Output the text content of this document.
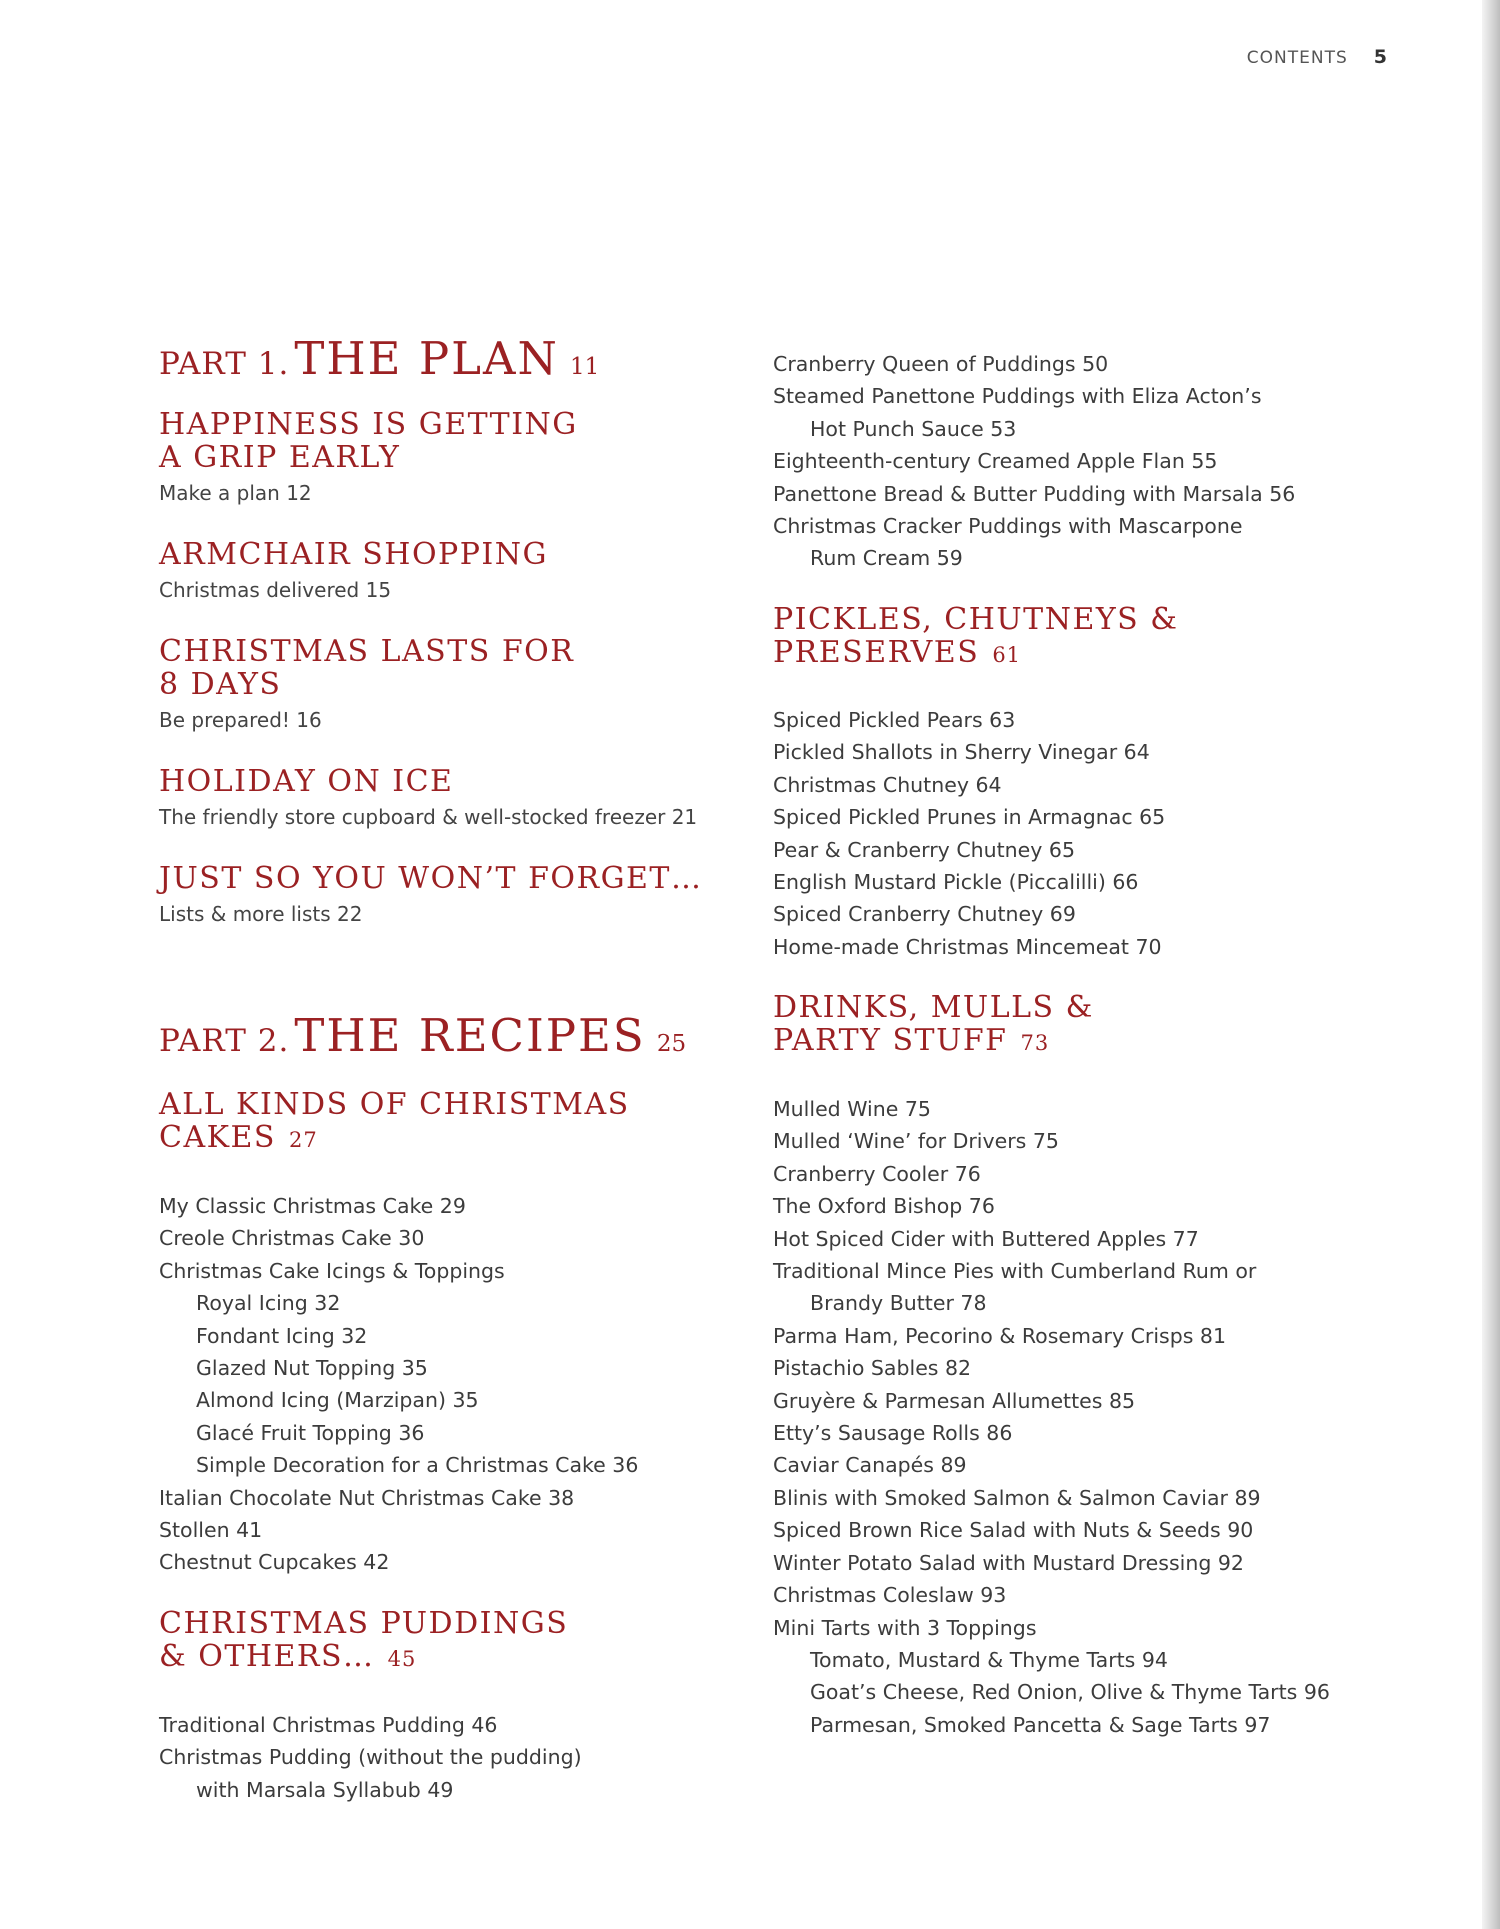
CONTENTS 5
PART 1. THE PLAN 11
HAPPINESS IS GETTING
A GRIP EARLY
Make a plan 12
ARMCHAIR SHOPPING
Christmas delivered 15
CHRISTMAS LASTS FOR
8 DAYS
Be prepared! 16
HOLIDAY ON ICE
The friendly store cupboard & well-stocked freezer 21
JUST SO YOU WON’T FORGET…
Lists & more lists 22
PART 2. THE RECIPES 25
ALL KINDS OF CHRISTMAS
CAKES 27
My Classic Christmas Cake 29
Creole Christmas Cake 30
Christmas Cake Icings & Toppings
Royal Icing 32
Fondant Icing 32
Glazed Nut Topping 35
Almond Icing (Marzipan) 35
Glacé Fruit Topping 36
Simple Decoration for a Christmas Cake 36
Italian Chocolate Nut Christmas Cake 38
Stollen 41
Chestnut Cupcakes 42
CHRISTMAS PUDDINGS
& OTHERS… 45
Traditional Christmas Pudding 46
Christmas Pudding (without the pudding)
with Marsala Syllabub 49
Cranberry Queen of Puddings 50
Steamed Panettone Puddings with Eliza Acton’s
Hot Punch Sauce 53
Eighteenth-century Creamed Apple Flan 55
Panettone Bread & Butter Pudding with Marsala 56
Christmas Cracker Puddings with Mascarpone
Rum Cream 59
PICKLES, CHUTNEYS &
PRESERVES 61
Spiced Pickled Pears 63
Pickled Shallots in Sherry Vinegar 64
Christmas Chutney 64
Spiced Pickled Prunes in Armagnac 65
Pear & Cranberry Chutney 65
English Mustard Pickle (Piccalilli) 66
Spiced Cranberry Chutney 69
Home-made Christmas Mincemeat 70
DRINKS, MULLS &
PARTY STUFF 73
Mulled Wine 75
Mulled ‘Wine’ for Drivers 75
Cranberry Cooler 76
The Oxford Bishop 76
Hot Spiced Cider with Buttered Apples 77
Traditional Mince Pies with Cumberland Rum or
Brandy Butter 78
Parma Ham, Pecorino & Rosemary Crisps 81
Pistachio Sables 82
Gruyère & Parmesan Allumettes 85
Etty’s Sausage Rolls 86
Caviar Canapés 89
Blinis with Smoked Salmon & Salmon Caviar 89
Spiced Brown Rice Salad with Nuts & Seeds 90
Winter Potato Salad with Mustard Dressing 92
Christmas Coleslaw 93
Mini Tarts with 3 Toppings
Tomato, Mustard & Thyme Tarts 94
Goat’s Cheese, Red Onion, Olive & Thyme Tarts 96
Parmesan, Smoked Pancetta & Sage Tarts 97
